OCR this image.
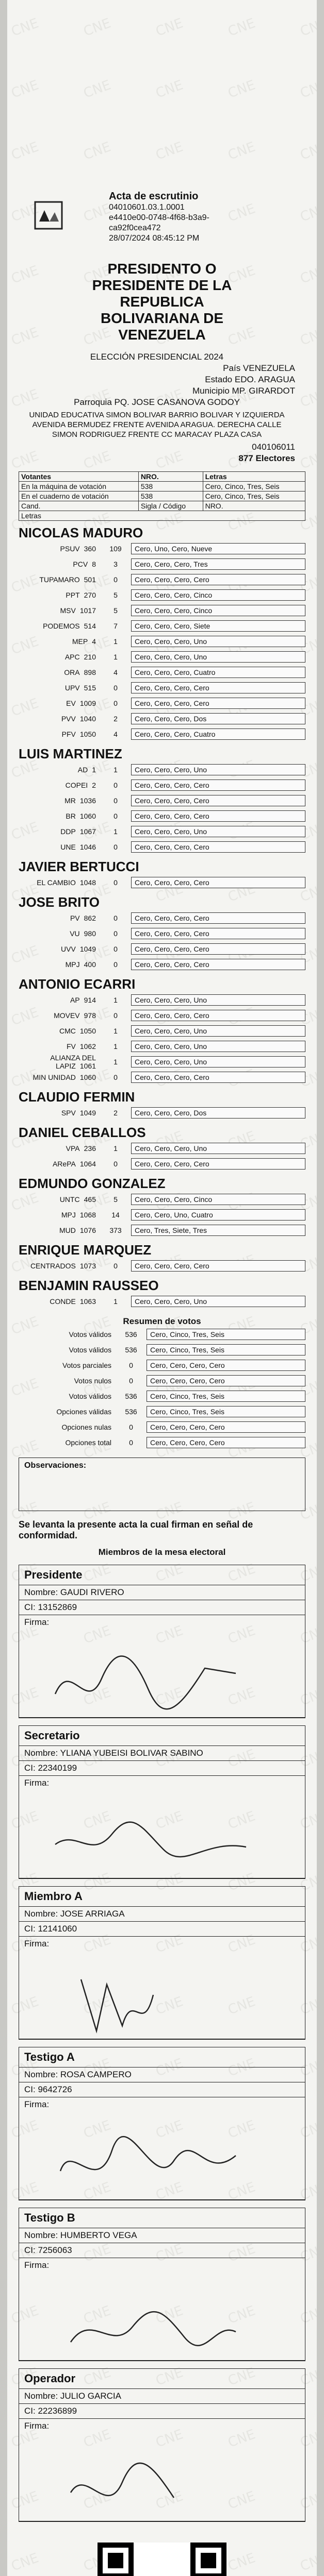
Acta de escrutinio
04010601.03.1.0001
e4410e00-0748-4f68-b3a9-
ca92f0cea472
28/07/2024 08:45:12 PM
PRESIDENTO O
PRESIDENTE DE LA
REPUBLICA
BOLIVARIANA DE
VENEZUELA
ELECCIÓN PRESIDENCIAL 2024
País VENEZUELA
Estado EDO. ARAGUA
Municipio MP. GIRARDOT
Parroquia PQ. JOSE CASANOVA GODOY
UNIDAD EDUCATIVA SIMON BOLIVAR BARRIO BOLIVAR Y IZQUIERDA AVENIDA BERMUDEZ FRENTE AVENIDA ARAGUA. DERECHA CALLE SIMON RODRIGUEZ FRENTE CC MARACAY PLAZA CASA
040106011
877 Electores
Votantes	NRO.	Letras
En la máquina de votación	538	Cero, Cinco, Tres, Seis
En el cuaderno de votación	538	Cero, Cinco, Tres, Seis
Cand.	Sigla / Código	NRO.
Letras		
NICOLAS MADURO
PSUV 360	109	Cero, Uno, Cero, Nueve
PCV 8	3	Cero, Cero, Cero, Tres
TUPAMARO 501	0	Cero, Cero, Cero, Cero
PPT 270	5	Cero, Cero, Cero, Cinco
MSV 1017	5	Cero, Cero, Cero, Cinco
PODEMOS 514	7	Cero, Cero, Cero, Siete
MEP 4	1	Cero, Cero, Cero, Uno
APC 210	1	Cero, Cero, Cero, Uno
ORA 898	4	Cero, Cero, Cero, Cuatro
UPV 515	0	Cero, Cero, Cero, Cero
EV 1009	0	Cero, Cero, Cero, Cero
PVV 1040	2	Cero, Cero, Cero, Dos
PFV 1050	4	Cero, Cero, Cero, Cuatro
LUIS MARTINEZ
AD 1	1	Cero, Cero, Cero, Uno
COPEI 2	0	Cero, Cero, Cero, Cero
MR 1036	0	Cero, Cero, Cero, Cero
BR 1060	0	Cero, Cero, Cero, Cero
DDP 1067	1	Cero, Cero, Cero, Uno
UNE 1046	0	Cero, Cero, Cero, Cero
JAVIER BERTUCCI
EL CAMBIO 1048	0	Cero, Cero, Cero, Cero
JOSE BRITO
PV 862	0	Cero, Cero, Cero, Cero
VU 980	0	Cero, Cero, Cero, Cero
UVV 1049	0	Cero, Cero, Cero, Cero
MPJ 400	0	Cero, Cero, Cero, Cero
ANTONIO ECARRI
AP 914	1	Cero, Cero, Cero, Uno
MOVEV 978	0	Cero, Cero, Cero, Cero
CMC 1050	1	Cero, Cero, Cero, Uno
FV 1062	1	Cero, Cero, Cero, Uno
ALIANZA DEL LAPIZ 1061	1	Cero, Cero, Cero, Uno
MIN UNIDAD 1060	0	Cero, Cero, Cero, Cero
CLAUDIO FERMIN
SPV 1049	2	Cero, Cero, Cero, Dos
DANIEL CEBALLOS
VPA 236	1	Cero, Cero, Cero, Uno
ARePA 1064	0	Cero, Cero, Cero, Cero
EDMUNDO GONZALEZ
UNTC 465	5	Cero, Cero, Cero, Cinco
MPJ 1068	14	Cero, Cero, Uno, Cuatro
MUD 1076	373	Cero, Tres, Siete, Tres
ENRIQUE MARQUEZ
CENTRADOS 1073	0	Cero, Cero, Cero, Cero
BENJAMIN RAUSSEO
CONDE 1063	1	Cero, Cero, Cero, Uno
Resumen de votos
Votos válidos	536	Cero, Cinco, Tres, Seis
Votos válidos	536	Cero, Cinco, Tres, Seis
Votos parciales	0	Cero, Cero, Cero, Cero
Votos nulos	0	Cero, Cero, Cero, Cero
Votos válidos	536	Cero, Cinco, Tres, Seis
Opciones válidas	536	Cero, Cinco, Tres, Seis
Opciones nulas	0	Cero, Cero, Cero, Cero
Opciones total	0	Cero, Cero, Cero, Cero
Observaciones:
Se levanta la presente acta la cual firman en señal de conformidad.
Miembros de la mesa electoral
Presidente
Nombre: GAUDI RIVERO
CI: 13152869
Firma:
Secretario
Nombre: YLIANA YUBEISI BOLIVAR SABINO
CI: 22340199
Firma:
Miembro A
Nombre: JOSE ARRIAGA
CI: 12141060
Firma:
Testigo A
Nombre: ROSA CAMPERO
CI: 9642726
Firma:
Testigo B
Nombre: HUMBERTO VEGA
CI: 7256063
Firma:
Operador
Nombre: JULIO GARCIA
CI: 22236899
Firma:
